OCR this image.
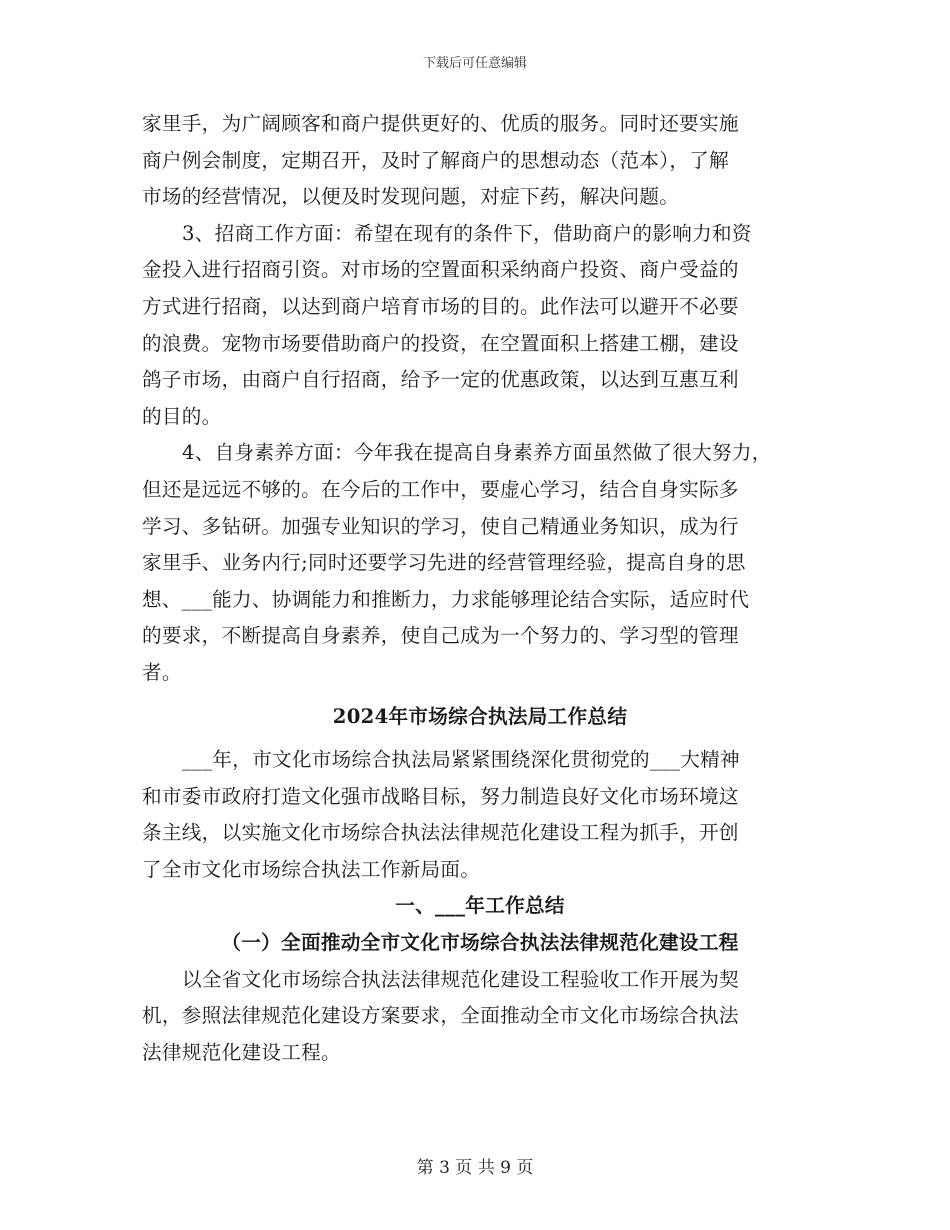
下载后可任意编辑
家里手，为广阔顾客和商户提供更好的、优质的服务。同时还要实施
商户例会制度，定期召开，及时了解商户的思想动态（范本），了解
市场的经营情况，以便及时发现问题，对症下药，解决问题。
3、招商工作方面：希望在现有的条件下，借助商户的影响力和资
金投入进行招商引资。对市场的空置面积采纳商户投资、商户受益的
方式进行招商，以达到商户培育市场的目的。此作法可以避开不必要
的浪费。宠物市场要借助商户的投资，在空置面积上搭建工棚，建设
鸽子市场，由商户自行招商，给予一定的优惠政策，以达到互惠互利
的目的。
4、自身素养方面：今年我在提高自身素养方面虽然做了很大努力，
但还是远远不够的。在今后的工作中，要虚心学习，结合自身实际多
学习、多钻研。加强专业知识的学习，使自己精通业务知识，成为行
家里手、业务内行;同时还要学习先进的经营管理经验，提高自身的思
想、___能力、协调能力和推断力，力求能够理论结合实际，适应时代
的要求，不断提高自身素养，使自己成为一个努力的、学习型的管理
者。
2024年市场综合执法局工作总结
___年，市文化市场综合执法局紧紧围绕深化贯彻党的___大精神
和市委市政府打造文化强市战略目标，努力制造良好文化市场环境这
条主线，以实施文化市场综合执法法律规范化建设工程为抓手，开创
了全市文化市场综合执法工作新局面。
一、___年工作总结
（一）全面推动全市文化市场综合执法法律规范化建设工程
以全省文化市场综合执法法律规范化建设工程验收工作开展为契
机，参照法律规范化建设方案要求，全面推动全市文化市场综合执法
法律规范化建设工程。
第 3 页 共 9 页
